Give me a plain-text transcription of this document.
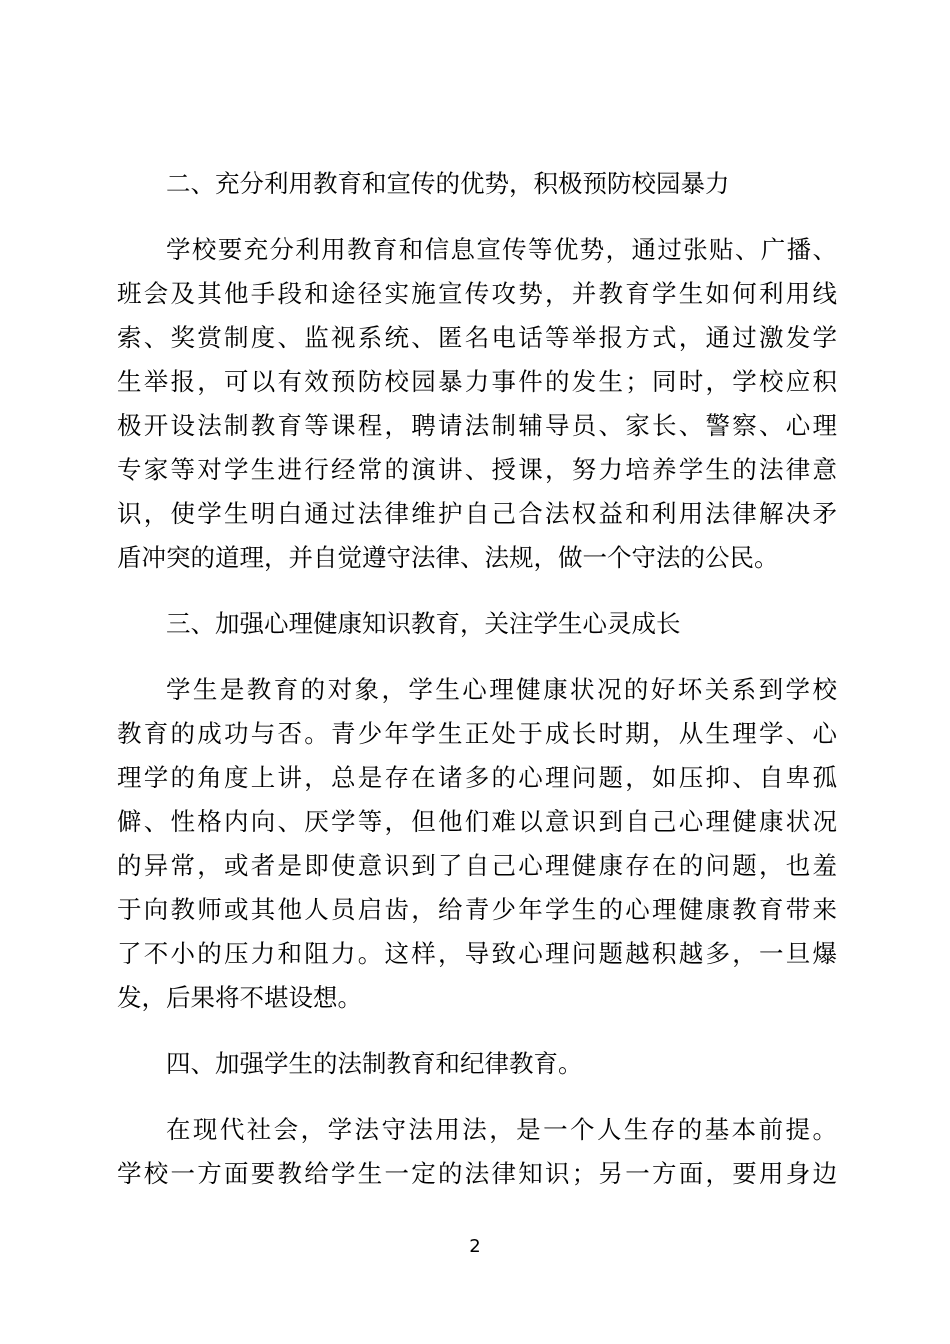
二、充分利用教育和宣传的优势，积极预防校园暴力

学校要充分利用教育和信息宣传等优势，通过张贴、广播、
班会及其他手段和途径实施宣传攻势，并教育学生如何利用线
索、奖赏制度、监视系统、匿名电话等举报方式，通过激发学
生举报，可以有效预防校园暴力事件的发生；同时，学校应积
极开设法制教育等课程，聘请法制辅导员、家长、警察、心理
专家等对学生进行经常的演讲、授课，努力培养学生的法律意
识，使学生明白通过法律维护自己合法权益和利用法律解决矛
盾冲突的道理，并自觉遵守法律、法规，做一个守法的公民。

三、加强心理健康知识教育，关注学生心灵成长

学生是教育的对象，学生心理健康状况的好坏关系到学校
教育的成功与否。青少年学生正处于成长时期，从生理学、心
理学的角度上讲，总是存在诸多的心理问题，如压抑、自卑孤
僻、性格内向、厌学等，但他们难以意识到自己心理健康状况
的异常，或者是即使意识到了自己心理健康存在的问题，也羞
于向教师或其他人员启齿，给青少年学生的心理健康教育带来
了不小的压力和阻力。这样，导致心理问题越积越多，一旦爆
发，后果将不堪设想。

四、加强学生的法制教育和纪律教育。

在现代社会，学法守法用法，是一个人生存的基本前提。
学校一方面要教给学生一定的法律知识；另一方面，要用身边

2
